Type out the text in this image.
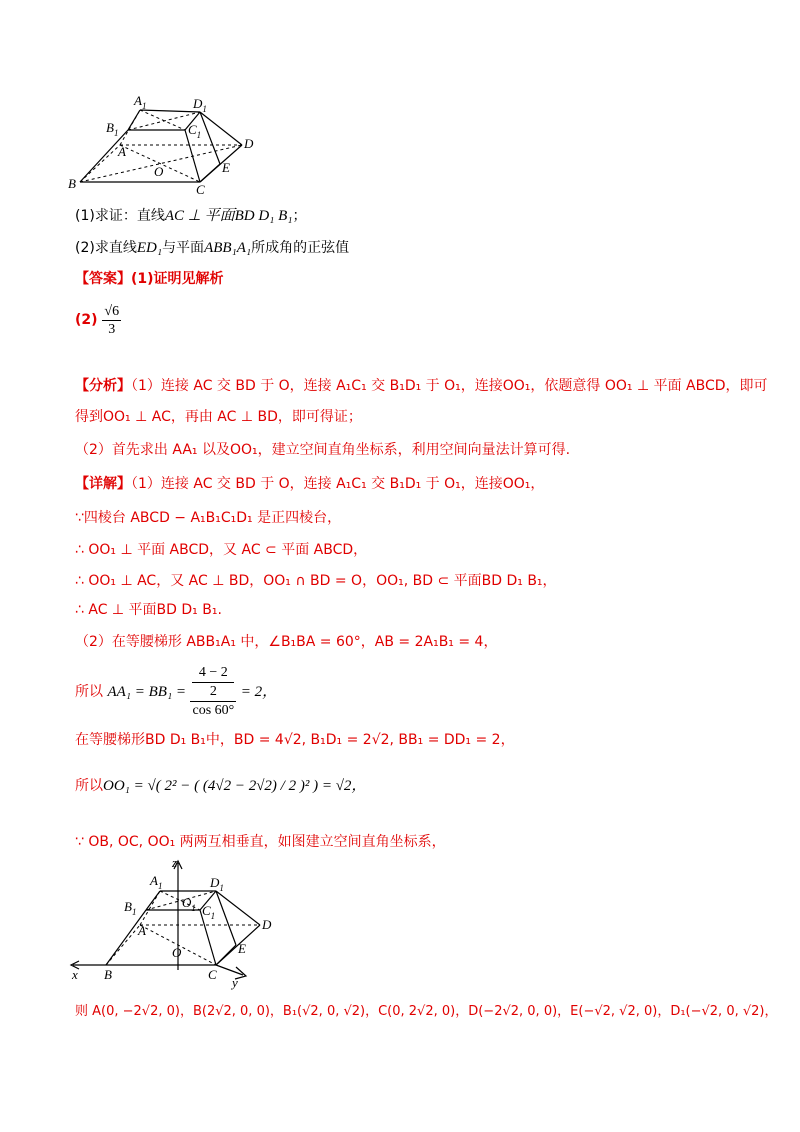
$A_1$	$D_1$
$B_1$	$C_1$
A
D
E
O
B	C
(1)求证：直线AC ⊥ 平面BD D₁ B₁；
(2)求直线ED₁与平面ABB₁A₁所成角的正弦值
【答案】(1)证明见解析
$(2) \frac{√6}{3}$
【分析】（1）连接 AC 交 BD 于 O，连接 A₁C₁ 交 B₁D₁ 于 O₁，连接OO₁，依题意得 OO₁ ⊥ 平面 ABCD，即可
得到OO₁ ⊥ AC，再由 AC ⊥ BD，即可得证；
（2）首先求出 AA₁ 以及OO₁，建立空间直角坐标系，利用空间向量法计算可得.
【详解】（1）连接 AC 交 BD 于 O，连接 A₁C₁ 交 B₁D₁ 于 O₁，连接OO₁，
∵四棱台 ABCD − A₁B₁C₁D₁ 是正四棱台，
∴ OO₁ ⊥ 平面 ABCD，又 AC ⊂ 平面 ABCD，
∴ OO₁ ⊥ AC，又 AC ⊥ BD，OO₁ ∩ BD = O，OO₁, BD ⊂ 平面BD D₁ B₁，
∴ AC ⊥ 平面BD D₁ B₁.
（2）在等腰梯形 ABB₁A₁ 中，∠B₁BA = 60°，AB = 2A₁B₁ = 4，
所以 AA₁ = BB₁ = 4 − 2
2
cos 60° = 2，
在等腰梯形BD D₁ B₁中，BD = 4√2, B₁D₁ = 2√2, BB₁ = DD₁ = 2，
所以OO₁ = √( 2² − ( (4√2 − 2√2) / 2 )² ) = √2，
∵ OB, OC, OO₁ 两两互相垂直，如图建立空间直角坐标系，
z
$A_1$	$D_1$
$O_1$
$B_1$	$C_1$
A	D
E
O
x B	C
y
则 A(0, −2√2, 0)，B(2√2, 0, 0)，B₁(√2, 0, √2)，C(0, 2√2, 0)，D(−2√2, 0, 0)，E(−√2, √2, 0)，D₁(−√2, 0, √2)，
